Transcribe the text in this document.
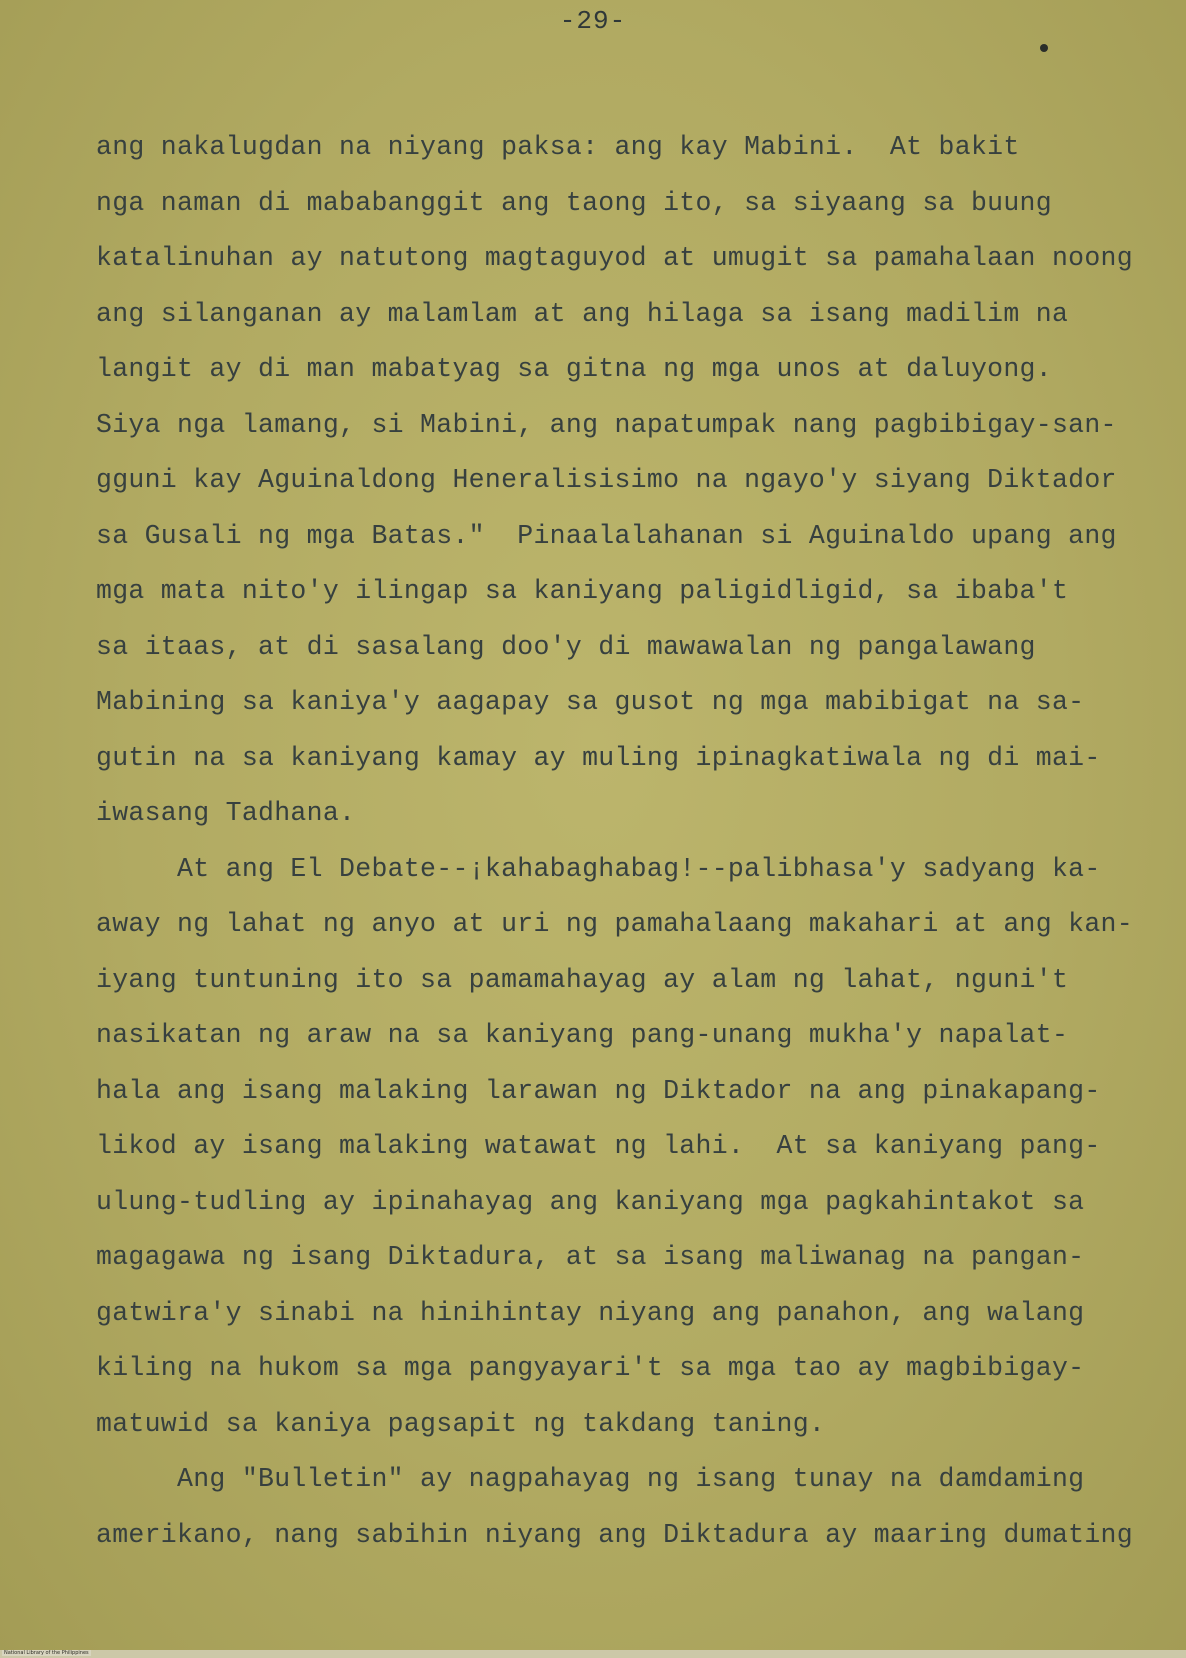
-29-
ang nakalugdan na niyang paksa: ang kay Mabini.  At bakit
nga naman di mababanggit ang taong ito, sa siyaang sa buung
katalinuhan ay natutong magtaguyod at umugit sa pamahalaan noong
ang silanganan ay malamlam at ang hilaga sa isang madilim na
langit ay di man mabatyag sa gitna ng mga unos at daluyong.
Siya nga lamang, si Mabini, ang napatumpak nang pagbibigay-san-
gguni kay Aguinaldong Heneralisisimo na ngayo'y siyang Diktador
sa Gusali ng mga Batas."  Pinaalalahanan si Aguinaldo upang ang
mga mata nito'y ilingap sa kaniyang paligidligid, sa ibaba't
sa itaas, at di sasalang doo'y di mawawalan ng pangalawang
Mabining sa kaniya'y aagapay sa gusot ng mga mabibigat na sa-
gutin na sa kaniyang kamay ay muling ipinagkatiwala ng di mai-
iwasang Tadhana.
At ang El Debate--¡kahabaghabag!--palibhasa'y sadyang ka-
away ng lahat ng anyo at uri ng pamahalaang makahari at ang kan-
iyang tuntuning ito sa pamamahayag ay alam ng lahat, nguni't
nasikatan ng araw na sa kaniyang pang-unang mukha'y napalat-
hala ang isang malaking larawan ng Diktador na ang pinakapang-
likod ay isang malaking watawat ng lahi.  At sa kaniyang pang-
ulung-tudling ay ipinahayag ang kaniyang mga pagkahintakot sa
magagawa ng isang Diktadura, at sa isang maliwanag na pangan-
gatwira'y sinabi na hinihintay niyang ang panahon, ang walang
kiling na hukom sa mga pangyayari't sa mga tao ay magbibigay-
matuwid sa kaniya pagsapit ng takdang taning.
Ang "Bulletin" ay nagpahayag ng isang tunay na damdaming
amerikano, nang sabihin niyang ang Diktadura ay maaring dumating
National Library of the Philippines
